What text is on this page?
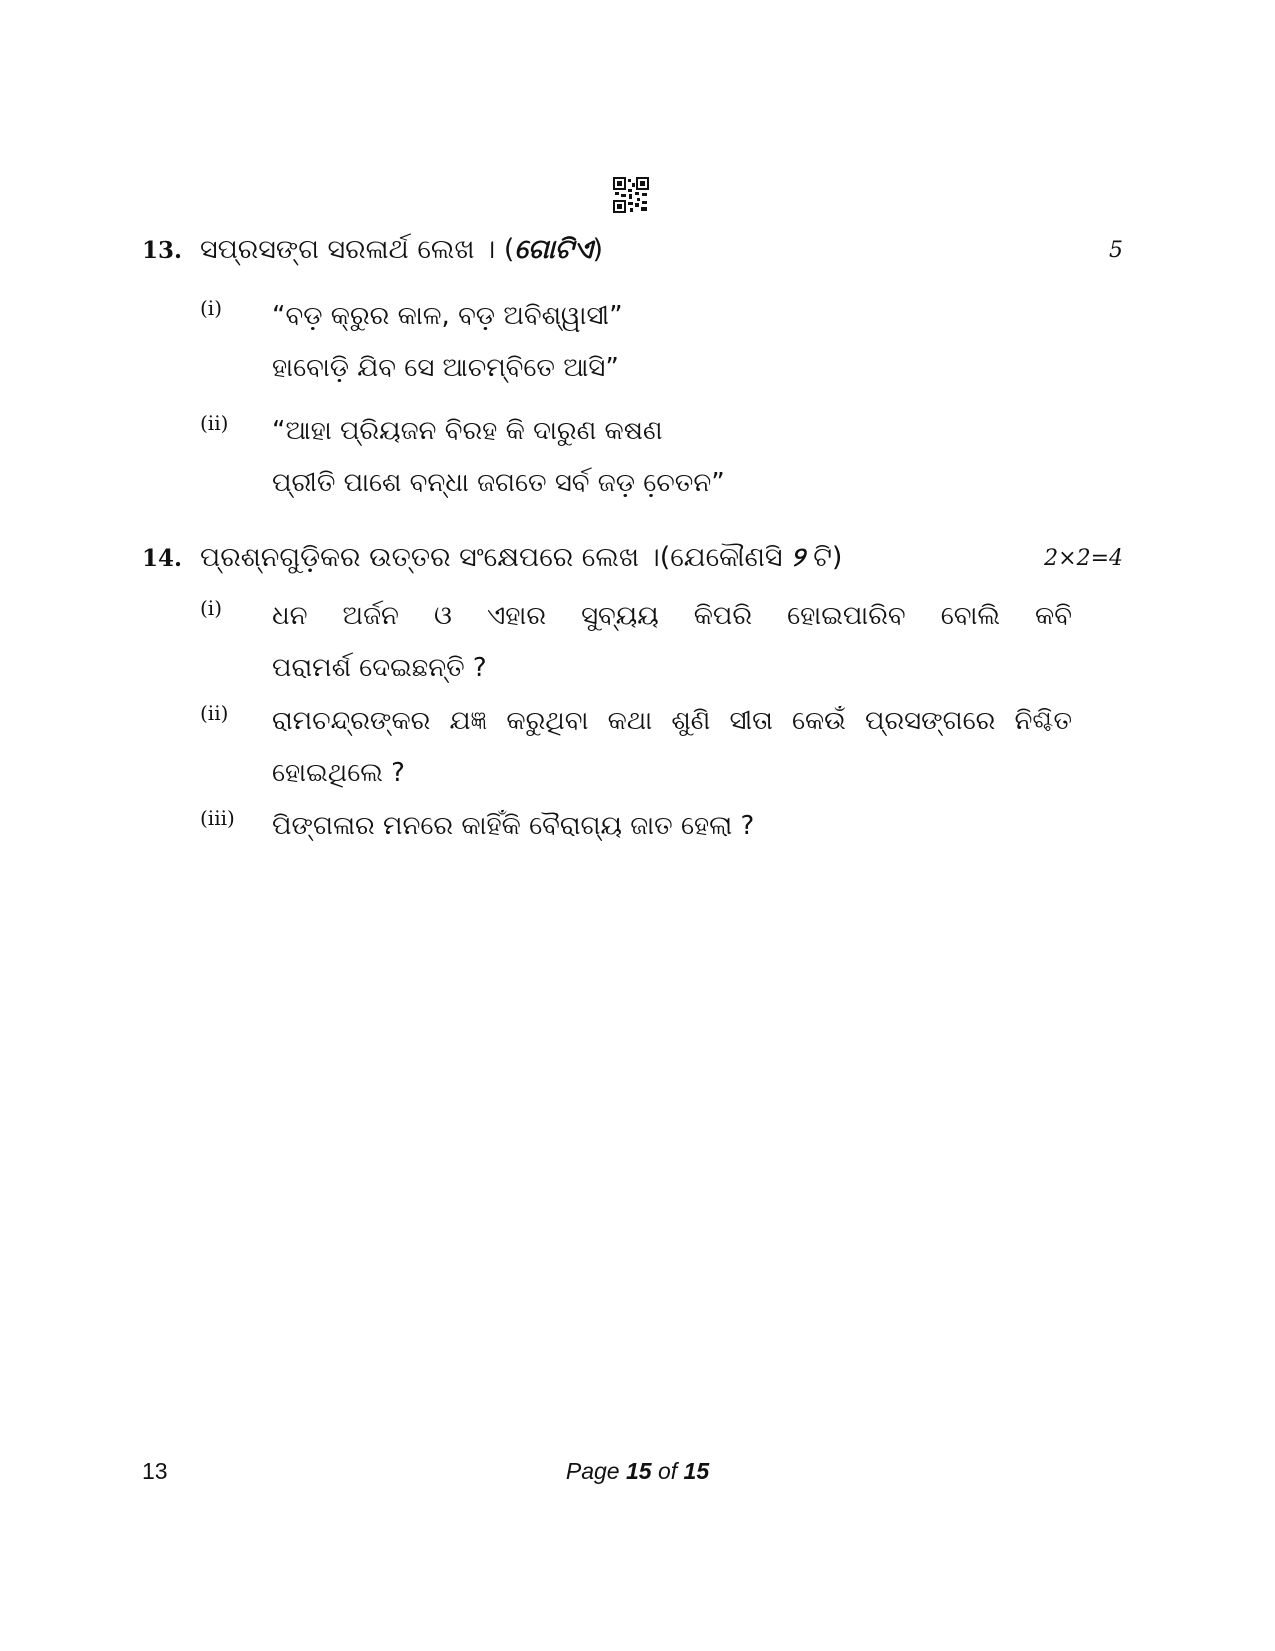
13. ସପ୍ରସଙ୍ଗ ସରଳାର୍ଥ ଲେଖ । (ଗୋଟିଏ)	5
(i) “ବଡ଼ କ୍ରୁର କାଳ, ବଡ଼ ଅବିଶ୍ୱାସୀ”
ହାବୋଡ଼ି ଯିବ ସେ ଆଚମ୍ବିତେ ଆସି”
(ii) “ଆହା ପ୍ରିୟଜନ ବିରହ କି ଦାରୁଣ କଷଣ
ପ୍ରୀତି ପାଶେ ବନ୍ଧା ଜଗତେ ସର୍ବ ଜଡ଼ ଚେ଼ତନ”
14. ପ୍ରଶ୍ନଗୁଡ଼ିକର ଉତ୍ତର ସଂକ୍ଷେପରେ ଲେଖ ।(ଯେକୌଣସି ୨ ଟି)	2×2=4
(i) ଧନ ଅର୍ଜନ ଓ ଏହାର ସୁବ୍ୟୟ କିପରି ହୋଇପାରିବ ବୋଲି କବି
ପରାମର୍ଶ ଦେଇଛନ୍ତି ?
(ii) ରାମଚନ୍ଦ୍ରଙ୍କର ଯଜ୍ଞ କରୁଥିବା କଥା ଶୁଣି ସୀତା କେଉଁ ପ୍ରସଙ୍ଗରେ ନିଶ୍ଚିତ
ହୋଇଥିଲେ ?
(iii) ପିଙ୍ଗଳାର ମନରେ କାହିଁକି ବୈରାଗ୍ୟ ଜାତ ହେଲା ?
13	Page 15 of 15
